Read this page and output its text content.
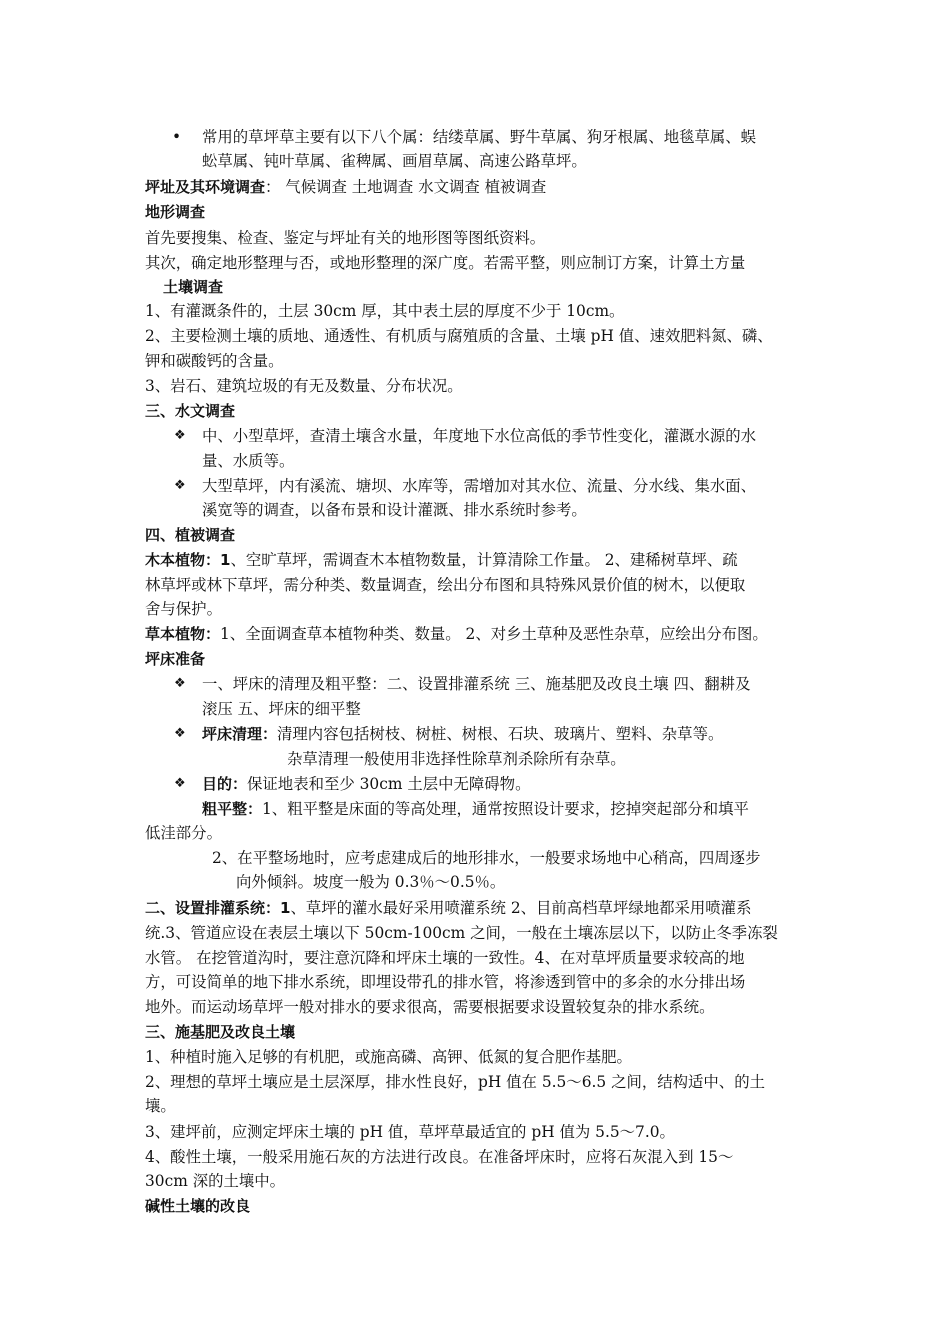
• 常用的草坪草主要有以下八个属：结缕草属、野牛草属、狗牙根属、地毯草属、蜈
蚣草属、钝叶草属、雀稗属、画眉草属、高速公路草坪。
坪址及其环境调查： 气候调查 土地调查 水文调查 植被调查
地形调查
首先要搜集、检查、鉴定与坪址有关的地形图等图纸资料。
其次，确定地形整理与否，或地形整理的深广度。若需平整，则应制订方案，计算土方量
土壤调查
1、有灌溉条件的，土层 30cm 厚，其中表土层的厚度不少于 10cm。
2、主要检测土壤的质地、通透性、有机质与腐殖质的含量、土壤 pH 值、速效肥料氮、磷、
钾和碳酸钙的含量。
3、岩石、建筑垃圾的有无及数量、分布状况。
三、水文调查
❖ 中、小型草坪，查清土壤含水量，年度地下水位高低的季节性变化，灌溉水源的水
量、水质等。
❖ 大型草坪，内有溪流、塘坝、水库等，需增加对其水位、流量、分水线、集水面、
溪宽等的调查，以备布景和设计灌溉、排水系统时参考。
四、植被调查
木本植物：1、空旷草坪，需调查木本植物数量，计算清除工作量。 2、建稀树草坪、疏
林草坪或林下草坪，需分种类、数量调查，绘出分布图和具特殊风景价值的树木，以便取
舍与保护。
草本植物：1、全面调查草本植物种类、数量。 2、对乡土草种及恶性杂草，应绘出分布图。
坪床准备
❖ 一、坪床的清理及粗平整：二、设置排灌系统 三、施基肥及改良土壤 四、翻耕及
滚压 五、坪床的细平整
❖ 坪床清理：清理内容包括树枝、树桩、树根、石块、玻璃片、塑料、杂草等。
杂草清理一般使用非选择性除草剂杀除所有杂草。
❖ 目的：保证地表和至少 30cm 土层中无障碍物。
粗平整：1、粗平整是床面的等高处理，通常按照设计要求，挖掉突起部分和填平
低洼部分。
2、在平整场地时，应考虑建成后的地形排水，一般要求场地中心稍高，四周逐步
向外倾斜。坡度一般为 0.3％～0.5％。
二、设置排灌系统：1、草坪的灌水最好采用喷灌系统 2、目前高档草坪绿地都采用喷灌系
统.3、管道应设在表层土壤以下 50cm-100cm 之间，一般在土壤冻层以下，以防止冬季冻裂
水管。 在挖管道沟时，要注意沉降和坪床土壤的一致性。4、在对草坪质量要求较高的地
方，可设简单的地下排水系统，即埋设带孔的排水管，将渗透到管中的多余的水分排出场
地外。而运动场草坪一般对排水的要求很高，需要根据要求设置较复杂的排水系统。
三、施基肥及改良土壤
1、种植时施入足够的有机肥，或施高磷、高钾、低氮的复合肥作基肥。
2、理想的草坪土壤应是土层深厚，排水性良好，pH 值在 5.5～6.5 之间，结构适中、的土
壤。
3、建坪前，应测定坪床土壤的 pH 值，草坪草最适宜的 pH 值为 5.5～7.0。
4、酸性土壤，一般采用施石灰的方法进行改良。在准备坪床时，应将石灰混入到 15～
30cm 深的土壤中。
碱性土壤的改良
